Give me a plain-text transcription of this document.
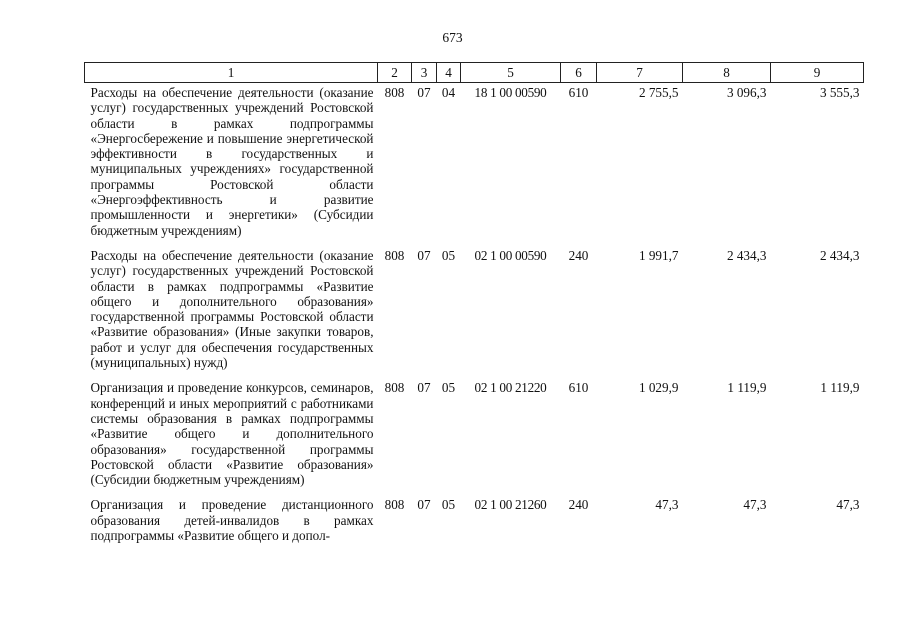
673
1	2	3	4	5	6	7	8	9
Расходы на обеспечение деятельности (оказание услуг) государственных учреждений Ростовской области в рамках подпрограммы «Энергосбережение и повышение энергетической эффективности в государственных и муниципальных учреждениях» государственной программы Ростовской области «Энергоэффективность и развитие промышленности и энергетики» (Субсидии бюджетным учреждениям)	808	07	04	18 1 00 00590	610	2 755,5	3 096,3	3 555,3
Расходы на обеспечение деятельности (оказание услуг) государственных учреждений Ростовской области в рамках подпрограммы «Развитие общего и дополнительного образования» государственной программы Ростовской области «Развитие образования» (Иные закупки товаров, работ и услуг для обеспечения государственных (муниципальных) нужд)	808	07	05	02 1 00 00590	240	1 991,7	2 434,3	2 434,3
Организация и проведение конкурсов, семинаров, конференций и иных мероприятий с работниками системы образования в рамках подпрограммы «Развитие общего и дополнительного образования» государственной программы Ростовской области «Развитие образования» (Субсидии бюджетным учреждениям)	808	07	05	02 1 00 21220	610	1 029,9	1 119,9	1 119,9
Организация и проведение дистанционного образования детей-инвалидов в рамках подпрограммы «Развитие общего и допол-	808	07	05	02 1 00 21260	240	47,3	47,3	47,3
